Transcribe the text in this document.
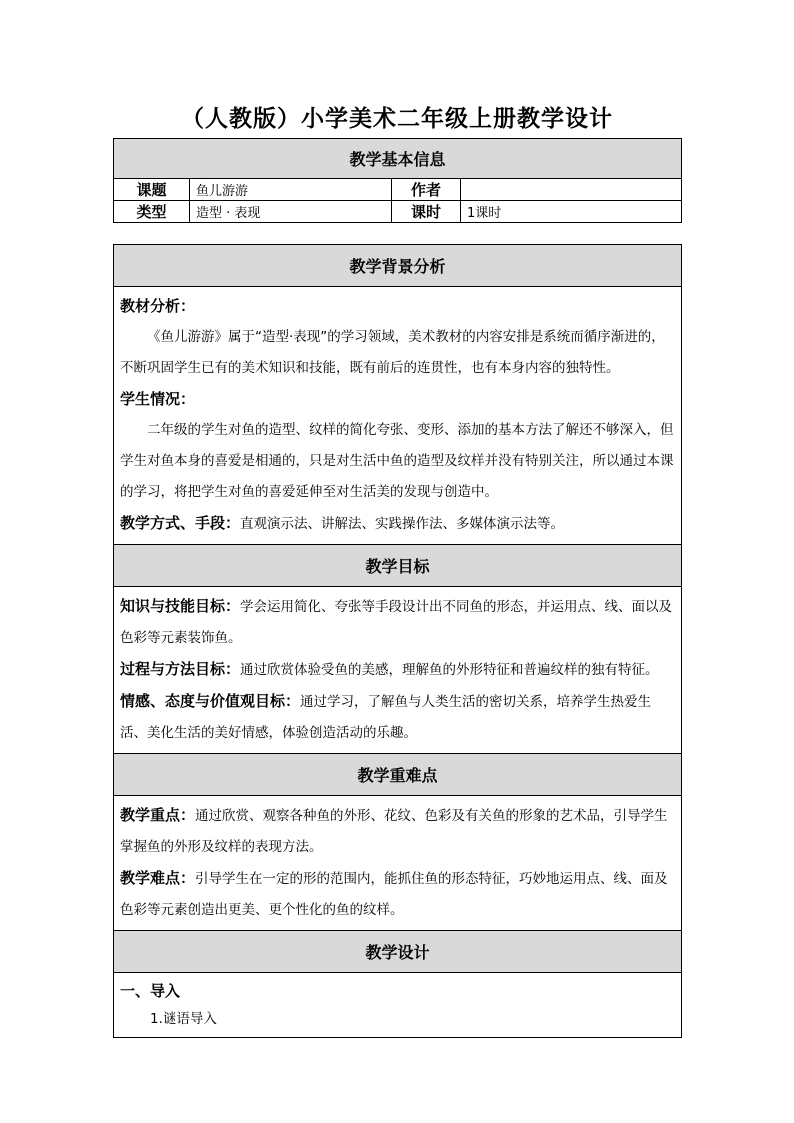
（人教版）小学美术二年级上册教学设计
教学基本信息			
课题	鱼儿游游	作者	
类型	造型 · 表现	课时	1课时
教学背景分析

教材分析：

《鱼儿游游》属于“造型·表现”的学习领域，美术教材的内容安排是系统而循序渐进的，不断巩固学生已有的美术知识和技能，既有前后的连贯性，也有本身内容的独特性。

学生情况：

二年级的学生对鱼的造型、纹样的简化夸张、变形、添加的基本方法了解还不够深入，但学生对鱼本身的喜爱是相通的，只是对生活中鱼的造型及纹样并没有特别关注，所以通过本课的学习，将把学生对鱼的喜爱延伸至对生活美的发现与创造中。

教学方式、手段：直观演示法、讲解法、实践操作法、多媒体演示法等。

教学目标

知识与技能目标：学会运用简化、夸张等手段设计出不同鱼的形态，并运用点、线、面以及色彩等元素装饰鱼。

过程与方法目标：通过欣赏体验受鱼的美感，理解鱼的外形特征和普遍纹样的独有特征。

情感、态度与价值观目标：通过学习，了解鱼与人类生活的密切关系，培养学生热爱生活、美化生活的美好情感，体验创造活动的乐趣。

教学重难点

教学重点：通过欣赏、观察各种鱼的外形、花纹、色彩及有关鱼的形象的艺术品，引导学生掌握鱼的外形及纹样的表现方法。

教学难点：引导学生在一定的形的范围内，能抓住鱼的形态特征，巧妙地运用点、线、面及色彩等元素创造出更美、更个性化的鱼的纹样。

教学设计

一、导入

1.谜语导入
